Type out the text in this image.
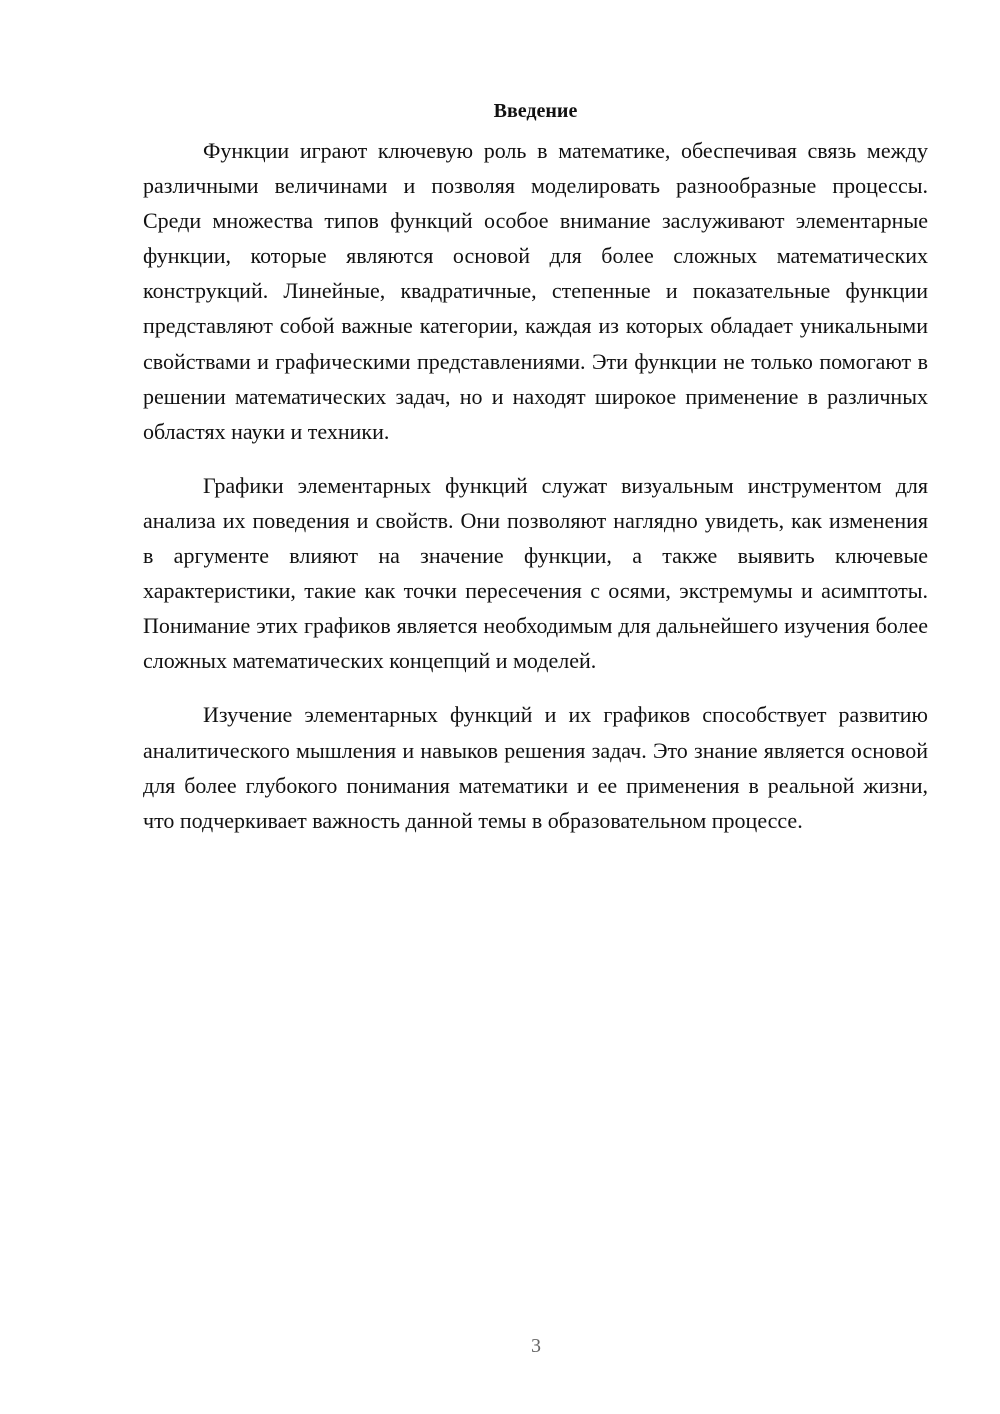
Введение

Функции играют ключевую роль в математике, обеспечивая связь между различными величинами и позволяя моделировать разнообразные процессы. Среди множества типов функций особое внимание заслуживают элементарные функции, которые являются основой для более сложных математических конструкций. Линейные, квадратичные, степенные и показательные функции представляют собой важные категории, каждая из которых обладает уникальными свойствами и графическими представлениями. Эти функции не только помогают в решении математических задач, но и находят широкое применение в различных областях науки и техники.

Графики элементарных функций служат визуальным инструментом для анализа их поведения и свойств. Они позволяют наглядно увидеть, как изменения в аргументе влияют на значение функции, а также выявить ключевые характеристики, такие как точки пересечения с осями, экстремумы и асимптоты. Понимание этих графиков является необходимым для дальнейшего изучения более сложных математических концепций и моделей.

Изучение элементарных функций и их графиков способствует развитию аналитического мышления и навыков решения задач. Это знание является основой для более глубокого понимания математики и ее применения в реальной жизни, что подчеркивает важность данной темы в образовательном процессе.

3
